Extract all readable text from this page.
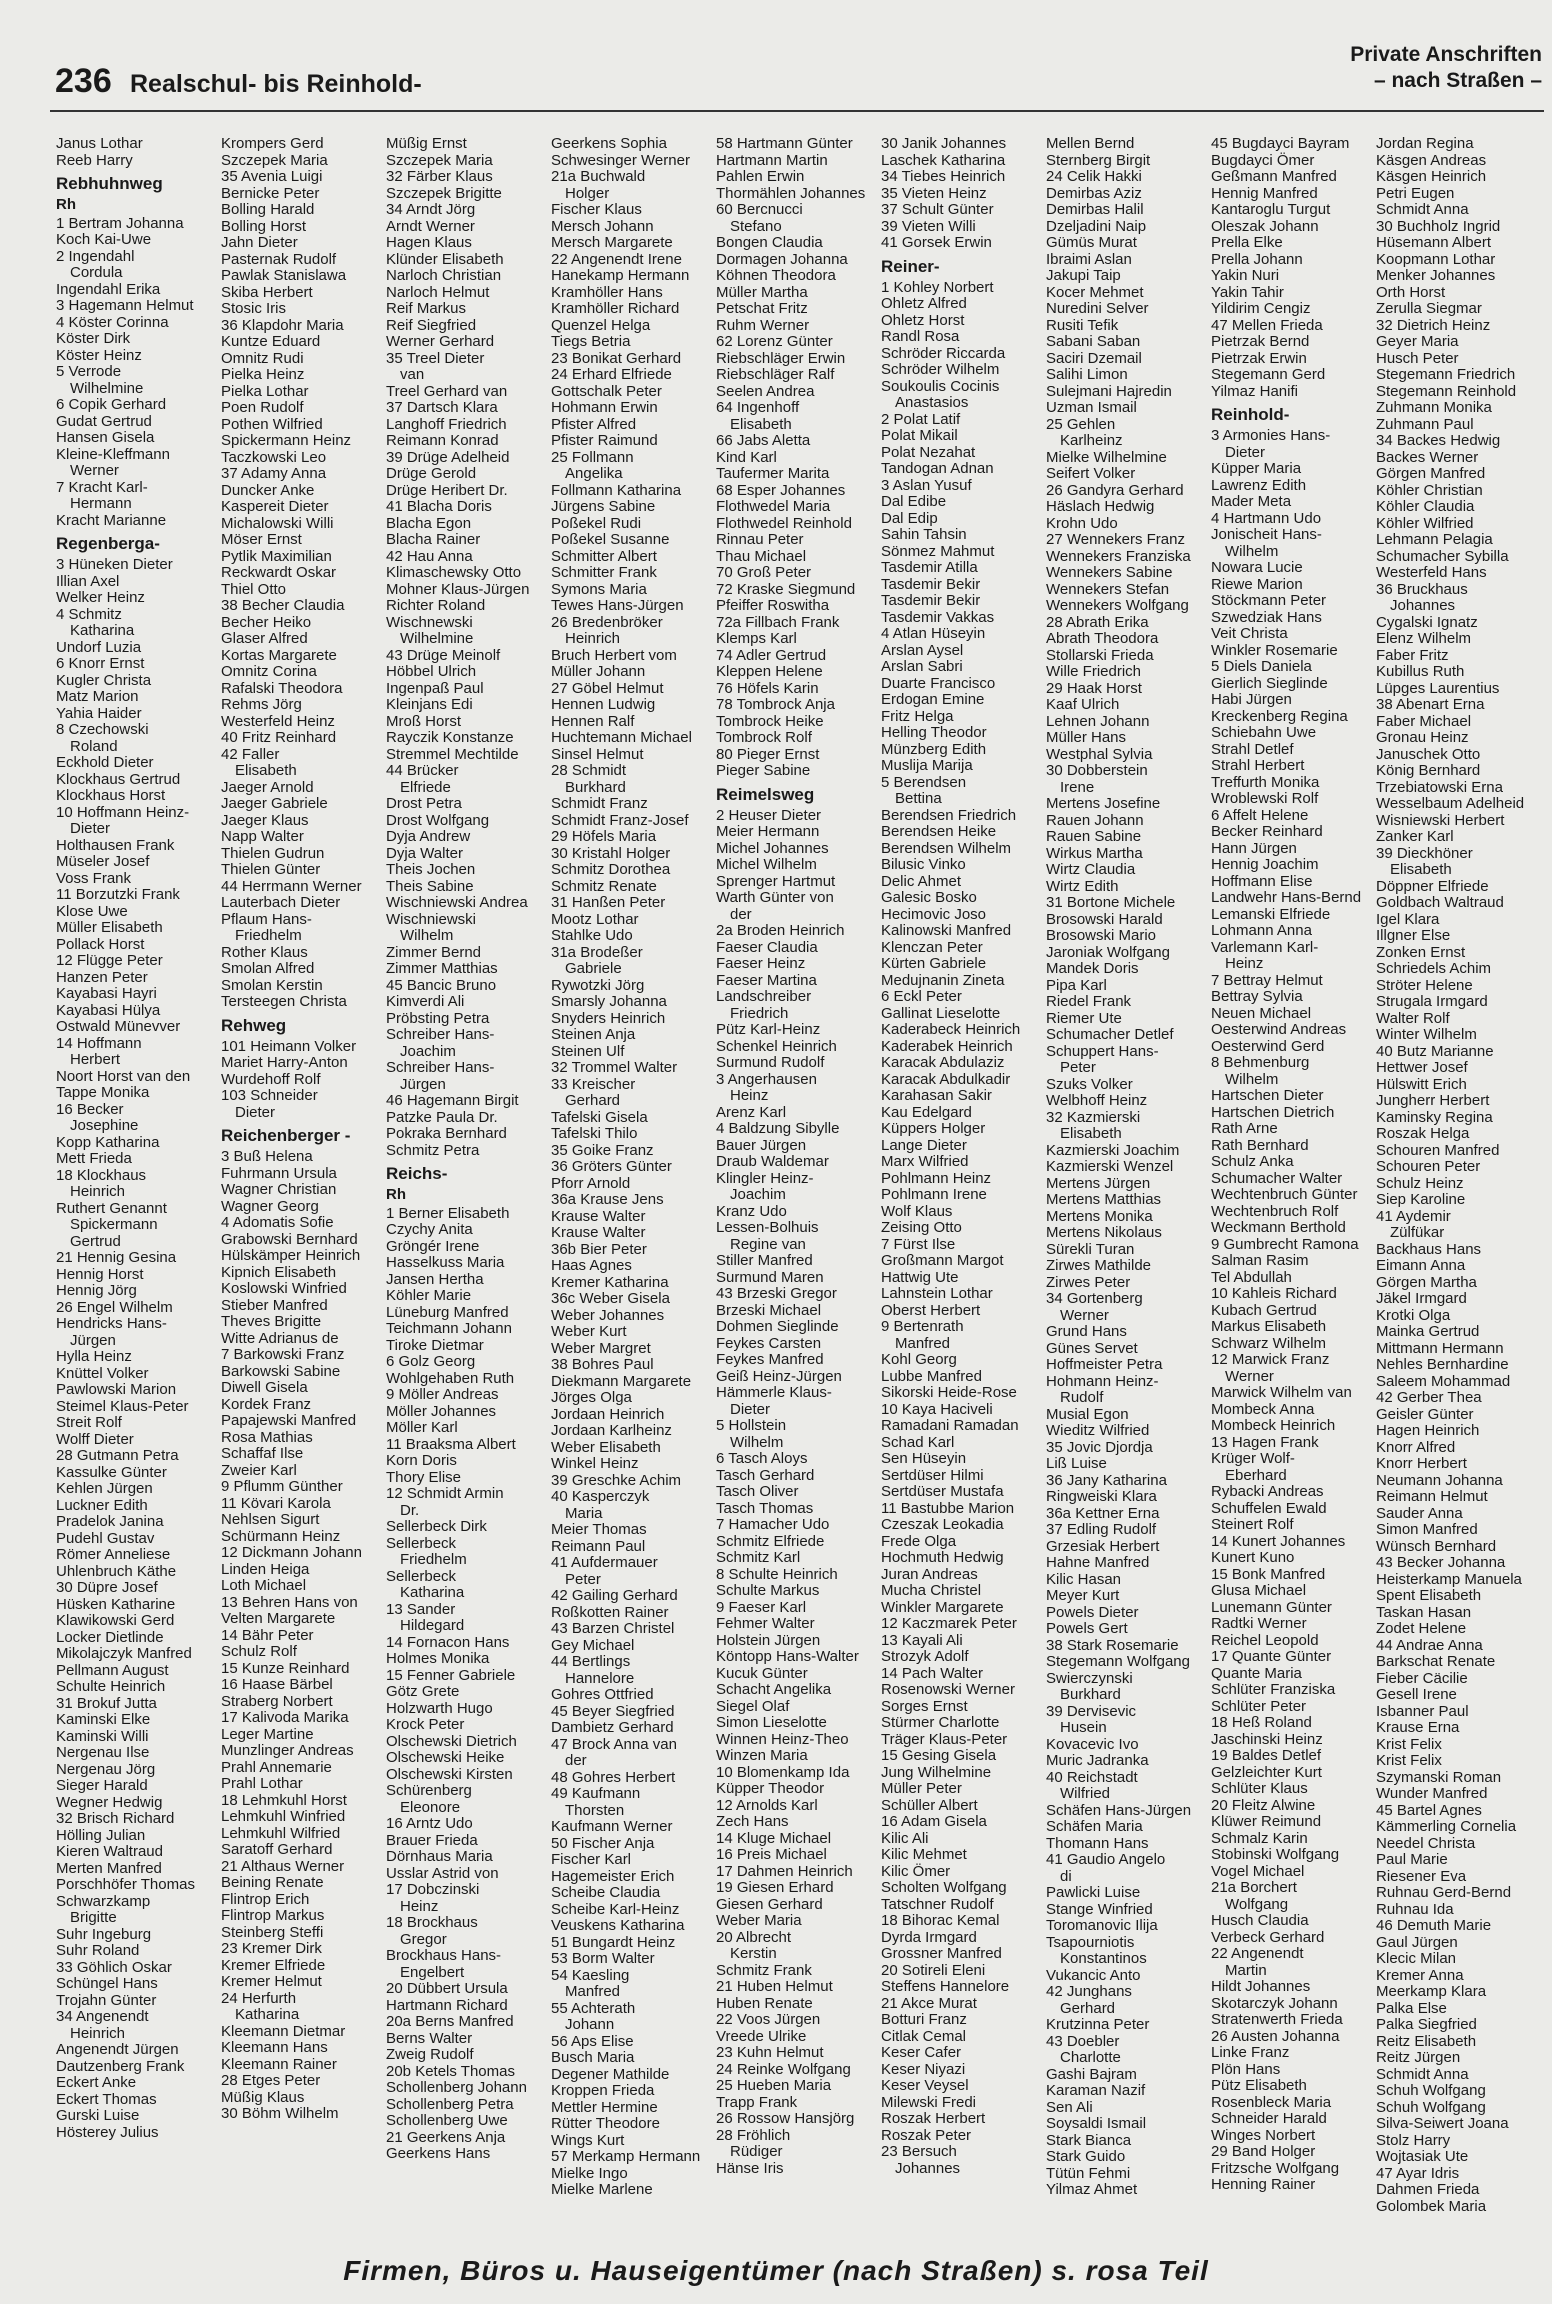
236 Realschul- bis Reinhold-
Private Anschriften
– nach Straßen –
Janus Lothar
Reeb Harry
Rebhuhnweg
Rh
1 Bertram Johanna
Koch Kai-Uwe
2 Ingendahl
Cordula
Ingendahl Erika
3 Hagemann Helmut
4 Köster Corinna
Köster Dirk
Köster Heinz
5 Verrode
Wilhelmine
6 Copik Gerhard
Gudat Gertrud
Hansen Gisela
Kleine-Kleffmann
Werner
7 Kracht Karl-
Hermann
Kracht Marianne
Regenberga-
3 Hüneken Dieter
Illian Axel
Welker Heinz
4 Schmitz
Katharina
Undorf Luzia
6 Knorr Ernst
Kugler Christa
Matz Marion
Yahia Haider
8 Czechowski
Roland
Eckhold Dieter
Klockhaus Gertrud
Klockhaus Horst
10 Hoffmann Heinz-
Dieter
Holthausen Frank
Müseler Josef
Voss Frank
11 Borzutzki Frank
Klose Uwe
Müller Elisabeth
Pollack Horst
12 Flügge Peter
Hanzen Peter
Kayabasi Hayri
Kayabasi Hülya
Ostwald Münevver
14 Hoffmann
Herbert
Noort Horst van den
Tappe Monika
16 Becker
Josephine
Kopp Katharina
Mett Frieda
18 Klockhaus
Heinrich
Ruthert Genannt
Spickermann
Gertrud
21 Hennig Gesina
Hennig Horst
Hennig Jörg
26 Engel Wilhelm
Hendricks Hans-
Jürgen
Hylla Heinz
Knüttel Volker
Pawlowski Marion
Steimel Klaus-Peter
Streit Rolf
Wolff Dieter
28 Gutmann Petra
Kassulke Günter
Kehlen Jürgen
Luckner Edith
Pradelok Janina
Pudehl Gustav
Römer Anneliese
Uhlenbruch Käthe
30 Düpre Josef
Hüsken Katharine
Klawikowski Gerd
Locker Dietlinde
Mikolajczyk Manfred
Pellmann August
Schulte Heinrich
31 Brokuf Jutta
Kaminski Elke
Kaminski Willi
Nergenau Ilse
Nergenau Jörg
Sieger Harald
Wegner Hedwig
32 Brisch Richard
Hölling Julian
Kieren Waltraud
Merten Manfred
Porschhöfer Thomas
Schwarzkamp
Brigitte
Suhr Ingeburg
Suhr Roland
33 Göhlich Oskar
Schüngel Hans
Trojahn Günter
34 Angenendt
Heinrich
Angenendt Jürgen
Dautzenberg Frank
Eckert Anke
Eckert Thomas
Gurski Luise
Hösterey Julius
Krompers Gerd
Szczepek Maria
35 Avenia Luigi
Bernicke Peter
Bolling Harald
Bolling Horst
Jahn Dieter
Pasternak Rudolf
Pawlak Stanislawa
Skiba Herbert
Stosic Iris
36 Klapdohr Maria
Kuntze Eduard
Omnitz Rudi
Pielka Heinz
Pielka Lothar
Poen Rudolf
Pothen Wilfried
Spickermann Heinz
Taczkowski Leo
37 Adamy Anna
Duncker Anke
Kaspereit Dieter
Michalowski Willi
Möser Ernst
Pytlik Maximilian
Reckwardt Oskar
Thiel Otto
38 Becher Claudia
Becher Heiko
Glaser Alfred
Kortas Margarete
Omnitz Corina
Rafalski Theodora
Rehms Jörg
Westerfeld Heinz
40 Fritz Reinhard
42 Faller
Elisabeth
Jaeger Arnold
Jaeger Gabriele
Jaeger Klaus
Napp Walter
Thielen Gudrun
Thielen Günter
44 Herrmann Werner
Lauterbach Dieter
Pflaum Hans-
Friedhelm
Rother Klaus
Smolan Alfred
Smolan Kerstin
Tersteegen Christa
Rehweg
101 Heimann Volker
Mariet Harry-Anton
Wurdehoff Rolf
103 Schneider
Dieter
Reichenberger -
3 Buß Helena
Fuhrmann Ursula
Wagner Christian
Wagner Georg
4 Adomatis Sofie
Grabowski Bernhard
Hülskämper Heinrich
Kipnich Elisabeth
Koslowski Winfried
Stieber Manfred
Theves Brigitte
Witte Adrianus de
7 Barkowski Franz
Barkowski Sabine
Diwell Gisela
Kordek Franz
Papajewski Manfred
Rosa Mathias
Schaffaf Ilse
Zweier Karl
9 Pflumm Günther
11 Kövari Karola
Nehlsen Sigurt
Schürmann Heinz
12 Dickmann Johann
Linden Heiga
Loth Michael
13 Behren Hans von
Velten Margarete
14 Bähr Peter
Schulz Rolf
15 Kunze Reinhard
16 Haase Bärbel
Straberg Norbert
17 Kalivoda Marika
Leger Martine
Munzlinger Andreas
Prahl Annemarie
Prahl Lothar
18 Lehmkuhl Horst
Lehmkuhl Winfried
Lehmkuhl Wilfried
Saratoff Gerhard
21 Althaus Werner
Beining Renate
Flintrop Erich
Flintrop Markus
Steinberg Steffi
23 Kremer Dirk
Kremer Elfriede
Kremer Helmut
24 Herfurth
Katharina
Kleemann Dietmar
Kleemann Hans
Kleemann Rainer
28 Etges Peter
Müßig Klaus
30 Böhm Wilhelm
Müßig Ernst
Szczepek Maria
32 Färber Klaus
Szczepek Brigitte
34 Arndt Jörg
Arndt Werner
Hagen Klaus
Klünder Elisabeth
Narloch Christian
Narloch Helmut
Reif Markus
Reif Siegfried
Werner Gerhard
35 Treel Dieter
van
Treel Gerhard van
37 Dartsch Klara
Langhoff Friedrich
Reimann Konrad
39 Drüge Adelheid
Drüge Gerold
Drüge Heribert Dr.
41 Blacha Doris
Blacha Egon
Blacha Rainer
42 Hau Anna
Klimaschewsky Otto
Mohner Klaus-Jürgen
Richter Roland
Wischnewski
Wilhelmine
43 Drüge Meinolf
Höbbel Ulrich
Ingenpaß Paul
Kleinjans Edi
Mroß Horst
Rayczik Konstanze
Stremmel Mechtilde
44 Brücker
Elfriede
Drost Petra
Drost Wolfgang
Dyja Andrew
Dyja Walter
Theis Jochen
Theis Sabine
Wischniewski Andrea
Wischniewski
Wilhelm
Zimmer Bernd
Zimmer Matthias
45 Bancic Bruno
Kimverdi Ali
Pröbsting Petra
Schreiber Hans-
Joachim
Schreiber Hans-
Jürgen
46 Hagemann Birgit
Patzke Paula Dr.
Pokraka Bernhard
Schmitz Petra
Reichs-
Rh
1 Berner Elisabeth
Czychy Anita
Gröngér Irene
Hasselkuss Maria
Jansen Hertha
Köhler Marie
Lüneburg Manfred
Teichmann Johann
Tiroke Dietmar
6 Golz Georg
Wohlgehaben Ruth
9 Möller Andreas
Möller Johannes
Möller Karl
11 Braaksma Albert
Korn Doris
Thory Elise
12 Schmidt Armin
Dr.
Sellerbeck Dirk
Sellerbeck
Friedhelm
Sellerbeck
Katharina
13 Sander
Hildegard
14 Fornacon Hans
Holmes Monika
15 Fenner Gabriele
Götz Grete
Holzwarth Hugo
Krock Peter
Olschewski Dietrich
Olschewski Heike
Olschewski Kirsten
Schürenberg
Eleonore
16 Arntz Udo
Brauer Frieda
Dörnhaus Maria
Usslar Astrid von
17 Dobczinski
Heinz
18 Brockhaus
Gregor
Brockhaus Hans-
Engelbert
20 Dübbert Ursula
Hartmann Richard
20a Berns Manfred
Berns Walter
Zweig Rudolf
20b Ketels Thomas
Schollenberg Johann
Schollenberg Petra
Schollenberg Uwe
21 Geerkens Anja
Geerkens Hans
Geerkens Sophia
Schwesinger Werner
21a Buchwald
Holger
Fischer Klaus
Mersch Johann
Mersch Margarete
22 Angenendt Irene
Hanekamp Hermann
Kramhöller Hans
Kramhöller Richard
Quenzel Helga
Tiegs Betria
23 Bonikat Gerhard
24 Erhard Elfriede
Gottschalk Peter
Hohmann Erwin
Pfister Alfred
Pfister Raimund
25 Follmann
Angelika
Follmann Katharina
Jürgens Sabine
Poßekel Rudi
Poßekel Susanne
Schmitter Albert
Schmitter Frank
Symons Maria
Tewes Hans-Jürgen
26 Bredenbröker
Heinrich
Bruch Herbert vom
Müller Johann
27 Göbel Helmut
Hennen Ludwig
Hennen Ralf
Huchtemann Michael
Sinsel Helmut
28 Schmidt
Burkhard
Schmidt Franz
Schmidt Franz-Josef
29 Höfels Maria
30 Kristahl Holger
Schmitz Dorothea
Schmitz Renate
31 Hanßen Peter
Mootz Lothar
Stahlke Udo
31a Brodeßer
Gabriele
Rywotzki Jörg
Smarsly Johanna
Snyders Heinrich
Steinen Anja
Steinen Ulf
32 Trommel Walter
33 Kreischer
Gerhard
Tafelski Gisela
Tafelski Thilo
35 Goike Franz
36 Gröters Günter
Pforr Arnold
36a Krause Jens
Krause Walter
Krause Walter
36b Bier Peter
Haas Agnes
Kremer Katharina
36c Weber Gisela
Weber Johannes
Weber Kurt
Weber Margret
38 Bohres Paul
Diekmann Margarete
Jörges Olga
Jordaan Heinrich
Jordaan Karlheinz
Weber Elisabeth
Winkel Heinz
39 Greschke Achim
40 Kasperczyk
Maria
Meier Thomas
Reimann Paul
41 Aufdermauer
Peter
42 Gailing Gerhard
Roßkotten Rainer
43 Barzen Christel
Gey Michael
44 Bertlings
Hannelore
Gohres Ottfried
45 Beyer Siegfried
Dambietz Gerhard
47 Brock Anna van
der
48 Gohres Herbert
49 Kaufmann
Thorsten
Kaufmann Werner
50 Fischer Anja
Fischer Karl
Hagemeister Erich
Scheibe Claudia
Scheibe Karl-Heinz
Veuskens Katharina
51 Bungardt Heinz
53 Borm Walter
54 Kaesling
Manfred
55 Achterath
Johann
56 Aps Elise
Busch Maria
Degener Mathilde
Kroppen Frieda
Mettler Hermine
Rütter Theodore
Wings Kurt
57 Merkamp Hermann
Mielke Ingo
Mielke Marlene
58 Hartmann Günter
Hartmann Martin
Pahlen Erwin
Thormählen Johannes
60 Bercnucci
Stefano
Bongen Claudia
Dormagen Johanna
Köhnen Theodora
Müller Martha
Petschat Fritz
Ruhm Werner
62 Lorenz Günter
Riebschläger Erwin
Riebschläger Ralf
Seelen Andrea
64 Ingenhoff
Elisabeth
66 Jabs Aletta
Kind Karl
Taufermer Marita
68 Esper Johannes
Flothwedel Maria
Flothwedel Reinhold
Rinnau Peter
Thau Michael
70 Groß Peter
72 Kraske Siegmund
Pfeiffer Roswitha
72a Fillbach Frank
Klemps Karl
74 Adler Gertrud
Kleppen Helene
76 Höfels Karin
78 Tombrock Anja
Tombrock Heike
Tombrock Rolf
80 Pieger Ernst
Pieger Sabine
Reimelsweg
2 Heuser Dieter
Meier Hermann
Michel Johannes
Michel Wilhelm
Sprenger Hartmut
Warth Günter von
der
2a Broden Heinrich
Faeser Claudia
Faeser Heinz
Faeser Martina
Landschreiber
Friedrich
Pütz Karl-Heinz
Schenkel Heinrich
Surmund Rudolf
3 Angerhausen
Heinz
Arenz Karl
4 Baldzung Sibylle
Bauer Jürgen
Draub Waldemar
Klingler Heinz-
Joachim
Kranz Udo
Lessen-Bolhuis
Regine van
Stiller Manfred
Surmund Maren
43 Brzeski Gregor
Brzeski Michael
Dohmen Sieglinde
Feykes Carsten
Feykes Manfred
Geiß Heinz-Jürgen
Hämmerle Klaus-
Dieter
5 Hollstein
Wilhelm
6 Tasch Aloys
Tasch Gerhard
Tasch Oliver
Tasch Thomas
7 Hamacher Udo
Schmitz Elfriede
Schmitz Karl
8 Schulte Heinrich
Schulte Markus
9 Faeser Karl
Fehmer Walter
Holstein Jürgen
Köntopp Hans-Walter
Kucuk Günter
Schacht Angelika
Siegel Olaf
Simon Lieselotte
Winnen Heinz-Theo
Winzen Maria
10 Blomenkamp Ida
Küpper Theodor
12 Arnolds Karl
Zech Hans
14 Kluge Michael
16 Preis Michael
17 Dahmen Heinrich
19 Giesen Erhard
Giesen Gerhard
Weber Maria
20 Albrecht
Kerstin
Schmitz Frank
21 Huben Helmut
Huben Renate
22 Voos Jürgen
Vreede Ulrike
23 Kuhn Helmut
24 Reinke Wolfgang
25 Hueben Maria
Trapp Frank
26 Rossow Hansjörg
28 Fröhlich
Rüdiger
Hänse Iris
30 Janik Johannes
Laschek Katharina
34 Tiebes Heinrich
35 Vieten Heinz
37 Schult Günter
39 Vieten Willi
41 Gorsek Erwin
Reiner-
1 Kohley Norbert
Ohletz Alfred
Ohletz Horst
Randl Rosa
Schröder Riccarda
Schröder Wilhelm
Soukoulis Cocinis
Anastasios
2 Polat Latif
Polat Mikail
Polat Nezahat
Tandogan Adnan
3 Aslan Yusuf
Dal Edibe
Dal Edip
Sahin Tahsin
Sönmez Mahmut
Tasdemir Atilla
Tasdemir Bekir
Tasdemir Bekir
Tasdemir Vakkas
4 Atlan Hüseyin
Arslan Aysel
Arslan Sabri
Duarte Francisco
Erdogan Emine
Fritz Helga
Helling Theodor
Münzberg Edith
Muslija Marija
5 Berendsen
Bettina
Berendsen Friedrich
Berendsen Heike
Berendsen Wilhelm
Bilusic Vinko
Delic Ahmet
Galesic Bosko
Hecimovic Joso
Kalinowski Manfred
Klenczan Peter
Kürten Gabriele
Medujnanin Zineta
6 Eckl Peter
Gallinat Lieselotte
Kaderabeck Heinrich
Kaderabek Heinrich
Karacak Abdulaziz
Karacak Abdulkadir
Karahasan Sakir
Kau Edelgard
Küppers Holger
Lange Dieter
Marx Wilfried
Pohlmann Heinz
Pohlmann Irene
Wolf Klaus
Zeising Otto
7 Fürst Ilse
Großmann Margot
Hattwig Ute
Lahnstein Lothar
Oberst Herbert
9 Bertenrath
Manfred
Kohl Georg
Lubbe Manfred
Sikorski Heide-Rose
10 Kaya Haciveli
Ramadani Ramadan
Schad Karl
Sen Hüseyin
Sertdüser Hilmi
Sertdüser Mustafa
11 Bastubbe Marion
Czeszak Leokadia
Frede Olga
Hochmuth Hedwig
Juran Andreas
Mucha Christel
Winkler Margarete
12 Kaczmarek Peter
13 Kayali Ali
Strozyk Adolf
14 Pach Walter
Rosenowski Werner
Sorges Ernst
Stürmer Charlotte
Träger Klaus-Peter
15 Gesing Gisela
Jung Wilhelmine
Müller Peter
Schüller Albert
16 Adam Gisela
Kilic Ali
Kilic Mehmet
Kilic Ömer
Scholten Wolfgang
Tatschner Rudolf
18 Bihorac Kemal
Dyrda Irmgard
Grossner Manfred
20 Sotireli Eleni
Steffens Hannelore
21 Akce Murat
Botturi Franz
Citlak Cemal
Keser Cafer
Keser Niyazi
Keser Veysel
Milewski Fredi
Roszak Herbert
Roszak Peter
23 Bersuch
Johannes
Mellen Bernd
Sternberg Birgit
24 Celik Hakki
Demirbas Aziz
Demirbas Halil
Dzeljadini Naip
Gümüs Murat
Ibraimi Aslan
Jakupi Taip
Kocer Mehmet
Nuredini Selver
Rusiti Tefik
Sabani Saban
Saciri Dzemail
Salihi Limon
Sulejmani Hajredin
Uzman Ismail
25 Gehlen
Karlheinz
Mielke Wilhelmine
Seifert Volker
26 Gandyra Gerhard
Häslach Hedwig
Krohn Udo
27 Wennekers Franz
Wennekers Franziska
Wennekers Sabine
Wennekers Stefan
Wennekers Wolfgang
28 Abrath Erika
Abrath Theodora
Stollarski Frieda
Wille Friedrich
29 Haak Horst
Kaaf Ulrich
Lehnen Johann
Müller Hans
Westphal Sylvia
30 Dobberstein
Irene
Mertens Josefine
Rauen Johann
Rauen Sabine
Wirkus Martha
Wirtz Claudia
Wirtz Edith
31 Bortone Michele
Brosowski Harald
Brosowski Mario
Jaroniak Wolfgang
Mandek Doris
Pipa Karl
Riedel Frank
Riemer Ute
Schumacher Detlef
Schuppert Hans-
Peter
Szuks Volker
Welbhoff Heinz
32 Kazmierski
Elisabeth
Kazmierski Joachim
Kazmierski Wenzel
Mertens Jürgen
Mertens Matthias
Mertens Monika
Mertens Nikolaus
Sürekli Turan
Zirwes Mathilde
Zirwes Peter
34 Gortenberg
Werner
Grund Hans
Günes Servet
Hoffmeister Petra
Hohmann Heinz-
Rudolf
Musial Egon
Wieditz Wilfried
35 Jovic Djordja
Liß Luise
36 Jany Katharina
Ringweiski Klara
36a Kettner Erna
37 Edling Rudolf
Grzesiak Herbert
Hahne Manfred
Kilic Hasan
Meyer Kurt
Powels Dieter
Powels Gert
38 Stark Rosemarie
Stegemann Wolfgang
Swierczynski
Burkhard
39 Dervisevic
Husein
Kovacevic Ivo
Muric Jadranka
40 Reichstadt
Wilfried
Schäfen Hans-Jürgen
Schäfen Maria
Thomann Hans
41 Gaudio Angelo
di
Pawlicki Luise
Stange Winfried
Toromanovic Ilija
Tsapourniotis
Konstantinos
Vukancic Anto
42 Junghans
Gerhard
Krutzinna Peter
43 Doebler
Charlotte
Gashi Bajram
Karaman Nazif
Sen Ali
Soysaldi Ismail
Stark Bianca
Stark Guido
Tütün Fehmi
Yilmaz Ahmet
45 Bugdayci Bayram
Bugdayci Ömer
Geßmann Manfred
Hennig Manfred
Kantaroglu Turgut
Oleszak Johann
Prella Elke
Prella Johann
Yakin Nuri
Yakin Tahir
Yildirim Cengiz
47 Mellen Frieda
Pietrzak Bernd
Pietrzak Erwin
Stegemann Gerd
Yilmaz Hanifi
Reinhold-
3 Armonies Hans-
Dieter
Küpper Maria
Lawrenz Edith
Mader Meta
4 Hartmann Udo
Jonischeit Hans-
Wilhelm
Nowara Lucie
Riewe Marion
Stöckmann Peter
Szwedziak Hans
Veit Christa
Winkler Rosemarie
5 Diels Daniela
Gierlich Sieglinde
Habi Jürgen
Kreckenberg Regina
Schiebahn Uwe
Strahl Detlef
Strahl Herbert
Treffurth Monika
Wroblewski Rolf
6 Affelt Helene
Becker Reinhard
Hann Jürgen
Hennig Joachim
Hoffmann Elise
Landwehr Hans-Bernd
Lemanski Elfriede
Lohmann Anna
Varlemann Karl-
Heinz
7 Bettray Helmut
Bettray Sylvia
Neuen Michael
Oesterwind Andreas
Oesterwind Gerd
8 Behmenburg
Wilhelm
Hartschen Dieter
Hartschen Dietrich
Rath Arne
Rath Bernhard
Schulz Anka
Schumacher Walter
Wechtenbruch Günter
Wechtenbruch Rolf
Weckmann Berthold
9 Gumbrecht Ramona
Salman Rasim
Tel Abdullah
10 Kahleis Richard
Kubach Gertrud
Markus Elisabeth
Schwarz Wilhelm
12 Marwick Franz
Werner
Marwick Wilhelm van
Mombeck Anna
Mombeck Heinrich
13 Hagen Frank
Krüger Wolf-
Eberhard
Rybacki Andreas
Schuffelen Ewald
Steinert Rolf
14 Kunert Johannes
Kunert Kuno
15 Bonk Manfred
Glusa Michael
Lunemann Günter
Radtki Werner
Reichel Leopold
17 Quante Günter
Quante Maria
Schlüter Franziska
Schlüter Peter
18 Heß Roland
Jaschinski Heinz
19 Baldes Detlef
Gelzleichter Kurt
Schlüter Klaus
20 Fleitz Alwine
Klüwer Reimund
Schmalz Karin
Stobinski Wolfgang
Vogel Michael
21a Borchert
Wolfgang
Husch Claudia
Verbeck Gerhard
22 Angenendt
Martin
Hildt Johannes
Skotarczyk Johann
Stratenwerth Frieda
26 Austen Johanna
Linke Franz
Plön Hans
Pütz Elisabeth
Rosenbleck Maria
Schneider Harald
Winges Norbert
29 Band Holger
Fritzsche Wolfgang
Henning Rainer
Jordan Regina
Käsgen Andreas
Käsgen Heinrich
Petri Eugen
Schmidt Anna
30 Buchholz Ingrid
Hüsemann Albert
Koopmann Lothar
Menker Johannes
Orth Horst
Zerulla Siegmar
32 Dietrich Heinz
Geyer Maria
Husch Peter
Stegemann Friedrich
Stegemann Reinhold
Zuhmann Monika
Zuhmann Paul
34 Backes Hedwig
Backes Werner
Görgen Manfred
Köhler Christian
Köhler Claudia
Köhler Wilfried
Lehmann Pelagia
Schumacher Sybilla
Westerfeld Hans
36 Bruckhaus
Johannes
Cygalski Ignatz
Elenz Wilhelm
Faber Fritz
Kubillus Ruth
Lüpges Laurentius
38 Abenart Erna
Faber Michael
Gronau Heinz
Januschek Otto
König Bernhard
Trzebiatowski Erna
Wesselbaum Adelheid
Wisniewski Herbert
Zanker Karl
39 Dieckhöner
Elisabeth
Döppner Elfriede
Goldbach Waltraud
Igel Klara
Illgner Else
Zonken Ernst
Schriedels Achim
Ströter Helene
Strugala Irmgard
Walter Rolf
Winter Wilhelm
40 Butz Marianne
Hettwer Josef
Hülswitt Erich
Jungherr Herbert
Kaminsky Regina
Roszak Helga
Schouren Manfred
Schouren Peter
Schulz Heinz
Siep Karoline
41 Aydemir
Zülfükar
Backhaus Hans
Eimann Anna
Görgen Martha
Jäkel Irmgard
Krotki Olga
Mainka Gertrud
Mittmann Hermann
Nehles Bernhardine
Saleem Mohammad
42 Gerber Thea
Geisler Günter
Hagen Heinrich
Knorr Alfred
Knorr Herbert
Neumann Johanna
Reimann Helmut
Sauder Anna
Simon Manfred
Wünsch Bernhard
43 Becker Johanna
Heisterkamp Manuela
Spent Elisabeth
Taskan Hasan
Zodet Helene
44 Andrae Anna
Barkschat Renate
Fieber Cäcilie
Gesell Irene
Isbanner Paul
Krause Erna
Krist Felix
Krist Felix
Szymanski Roman
Wunder Manfred
45 Bartel Agnes
Kämmerling Cornelia
Needel Christa
Paul Marie
Riesener Eva
Ruhnau Gerd-Bernd
Ruhnau Ida
46 Demuth Marie
Gaul Jürgen
Klecic Milan
Kremer Anna
Meerkamp Klara
Palka Else
Palka Siegfried
Reitz Elisabeth
Reitz Jürgen
Schmidt Anna
Schuh Wolfgang
Schuh Wolfgang
Silva-Seiwert Joana
Stolz Harry
Wojtasiak Ute
47 Ayar Idris
Dahmen Frieda
Golombek Maria
Firmen, Büros u. Hauseigentümer (nach Straßen) s. rosa Teil
